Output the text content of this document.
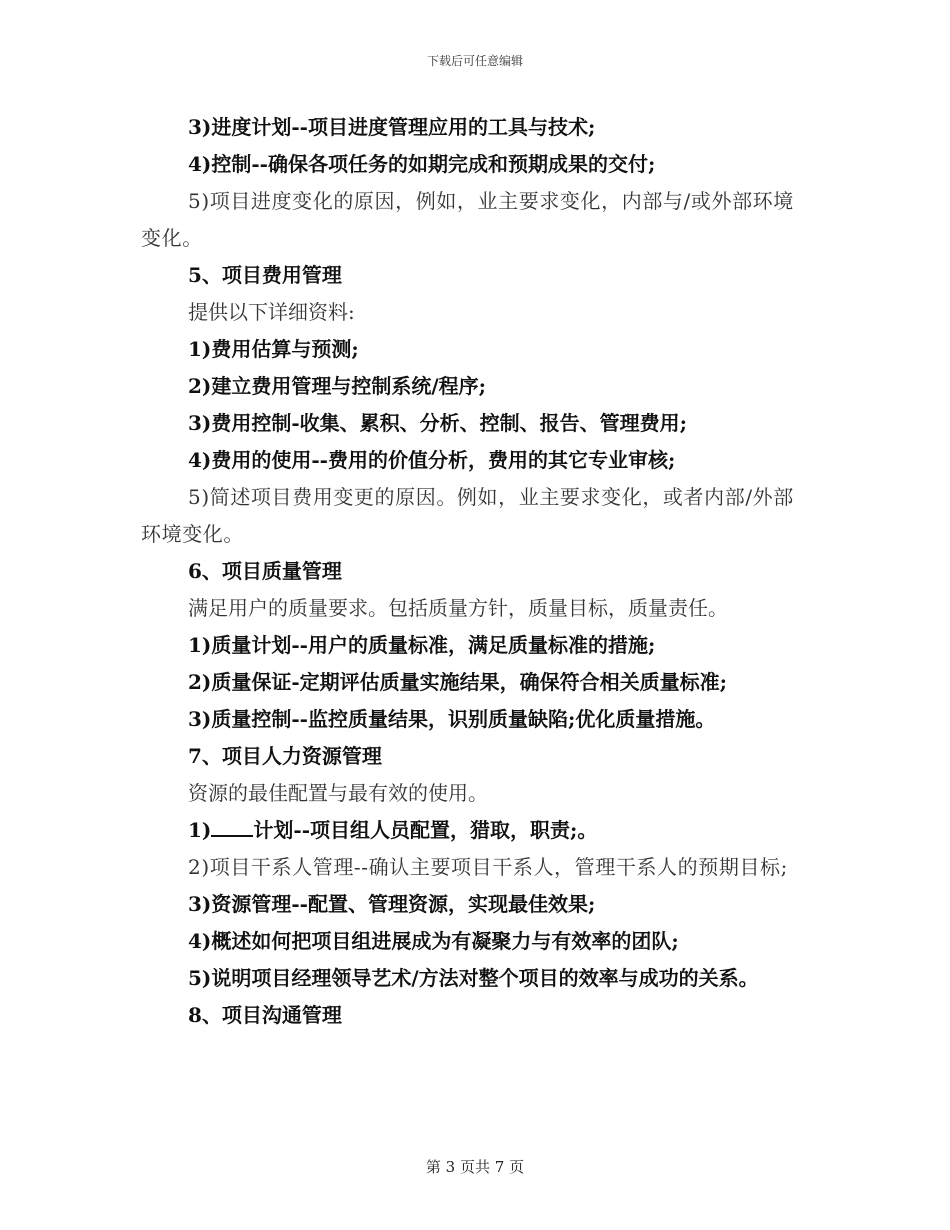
下载后可任意编辑
3)进度计划--项目进度管理应用的工具与技术;
4)控制--确保各项任务的如期完成和预期成果的交付;
5)项目进度变化的原因，例如，业主要求变化，内部与/或外部环境变化。
5、项目费用管理
提供以下详细资料:
1)费用估算与预测;
2)建立费用管理与控制系统/程序;
3)费用控制-收集、累积、分析、控制、报告、管理费用;
4)费用的使用--费用的价值分析，费用的其它专业审核;
5)简述项目费用变更的原因。例如，业主要求变化，或者内部/外部环境变化。
6、项目质量管理
满足用户的质量要求。包括质量方针，质量目标，质量责任。
1)质量计划--用户的质量标准，满足质量标准的措施;
2)质量保证-定期评估质量实施结果，确保符合相关质量标准;
3)质量控制--监控质量结果，识别质量缺陷;优化质量措施。
7、项目人力资源管理
资源的最佳配置与最有效的使用。
1) 计划--项目组人员配置，猎取，职责;。
2)项目干系人管理--确认主要项目干系人，管理干系人的预期目标;
3)资源管理--配置、管理资源，实现最佳效果;
4)概述如何把项目组进展成为有凝聚力与有效率的团队;
5)说明项目经理领导艺术/方法对整个项目的效率与成功的关系。
8、项目沟通管理
第 3 页共 7 页
